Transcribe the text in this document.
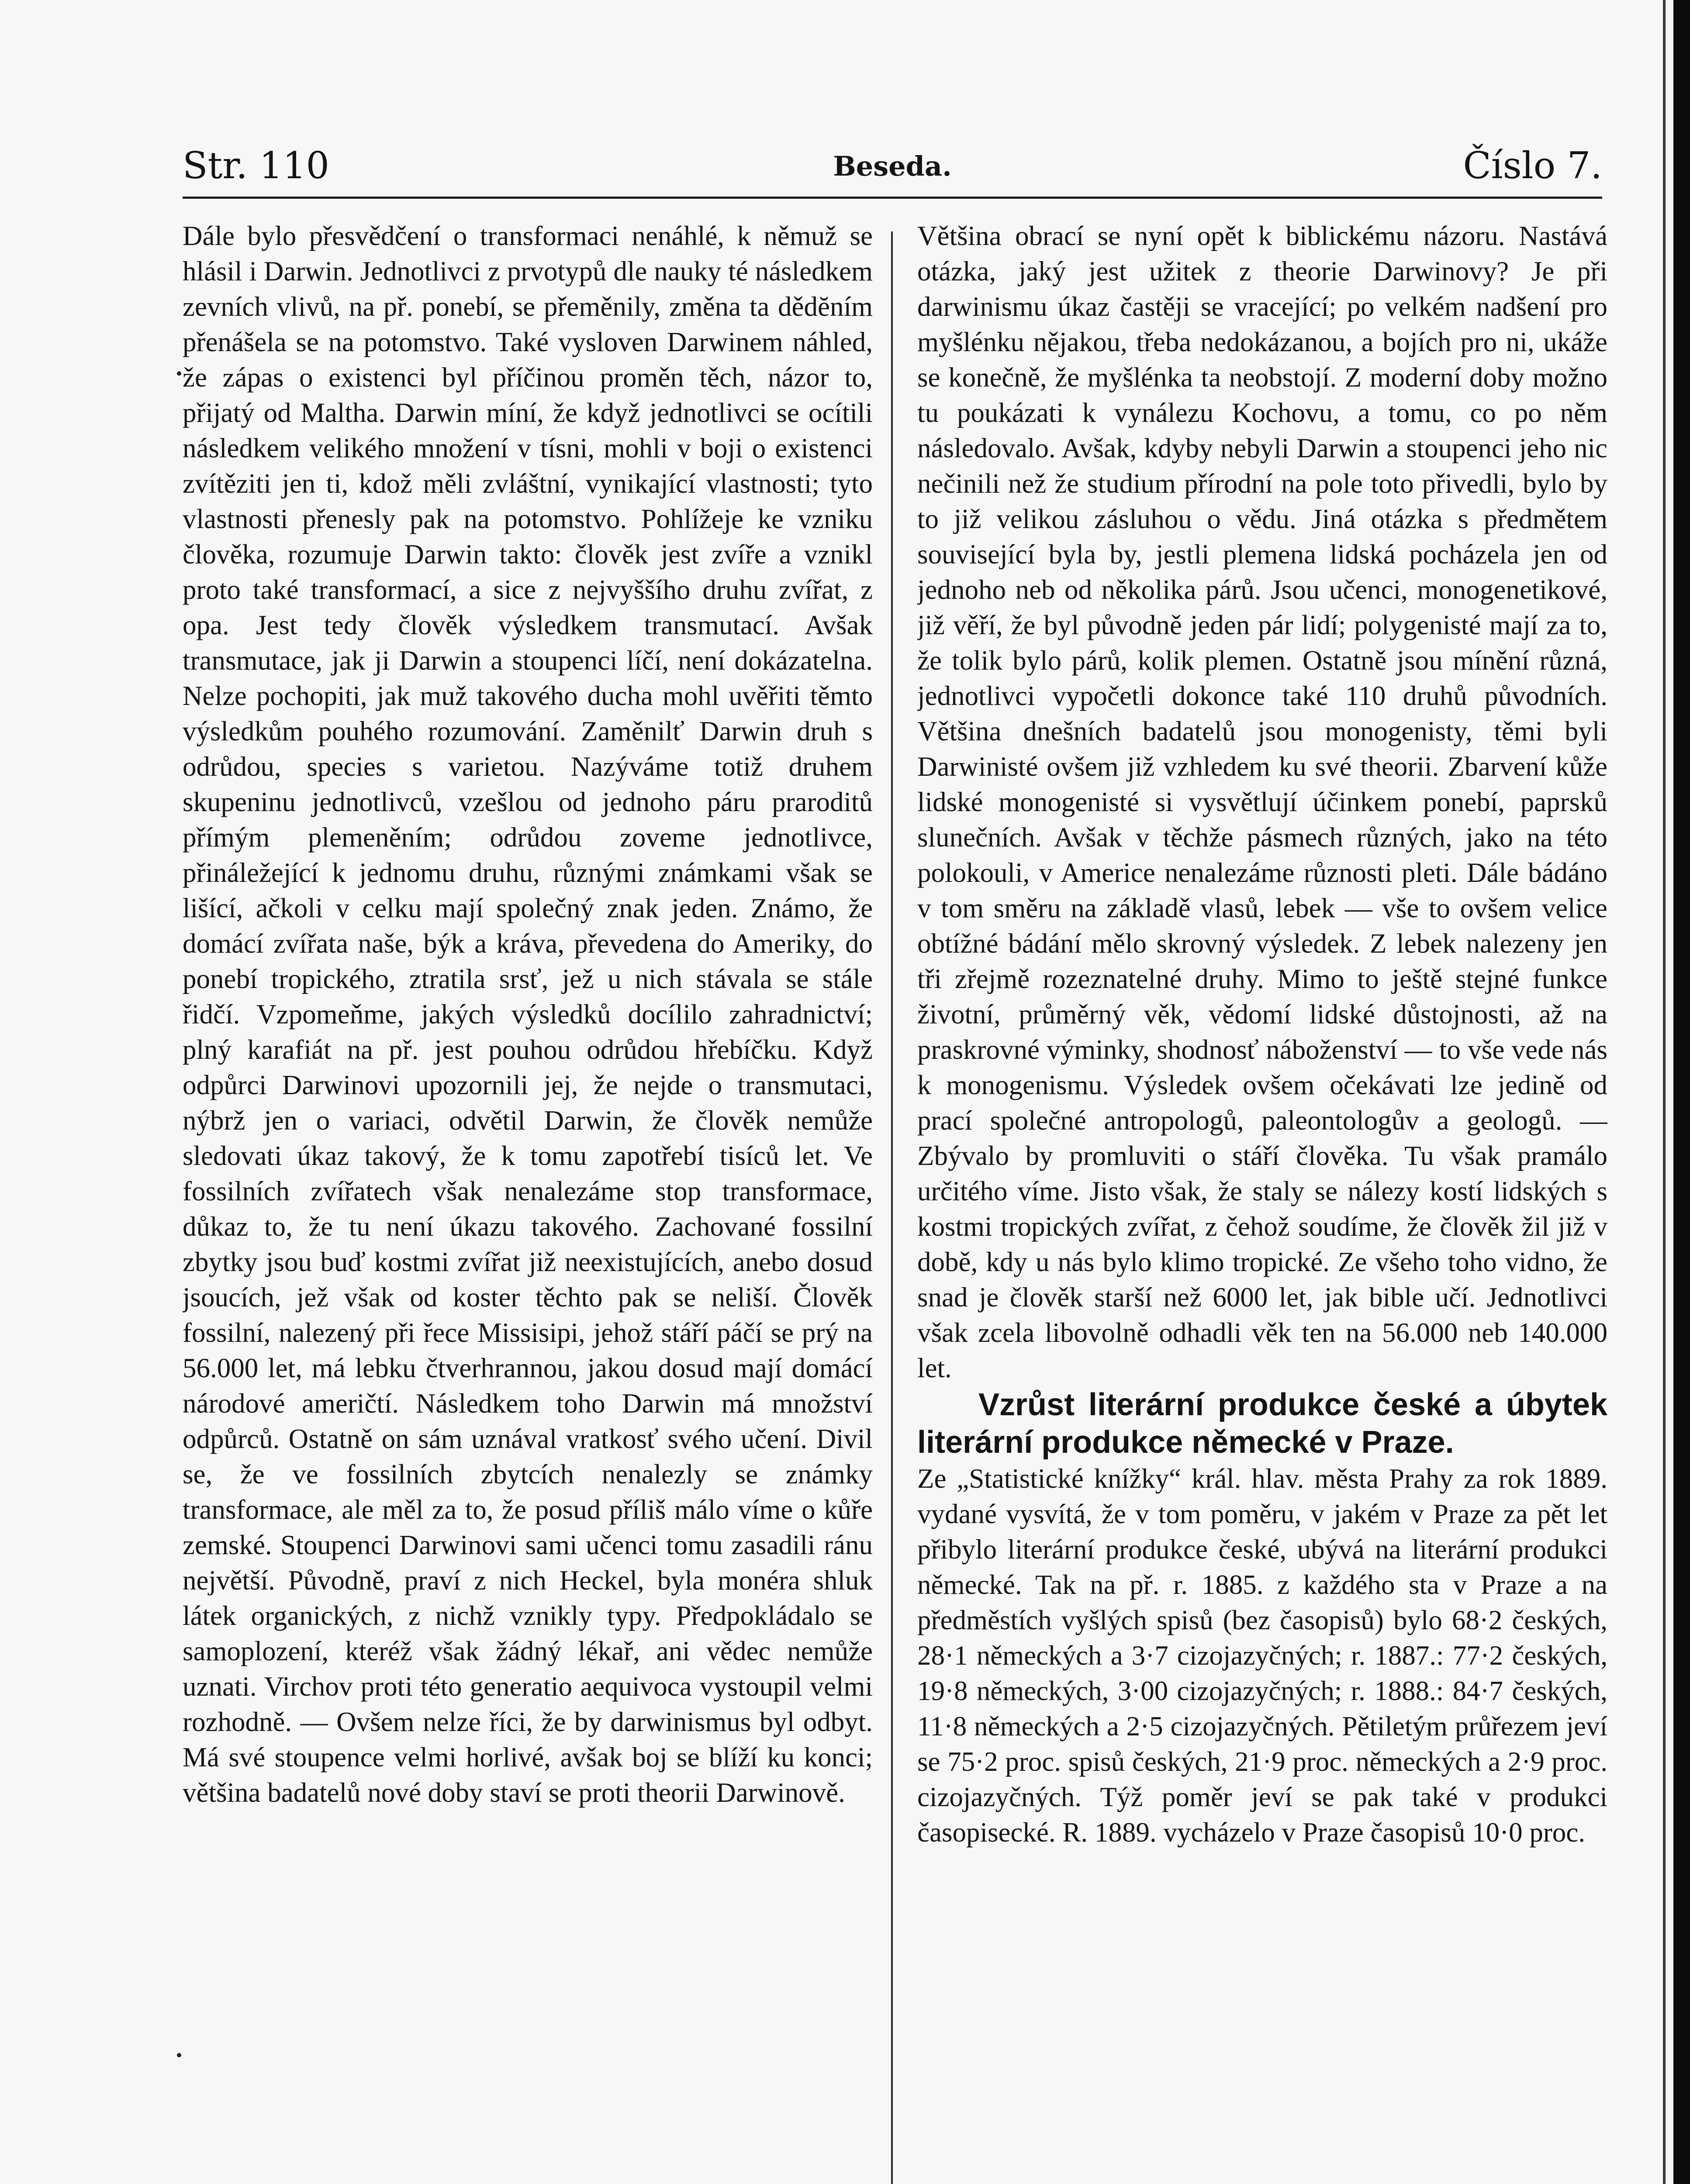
Str. 110	Beseda.	Číslo 7.

Dále bylo přesvědčení o transformaci nenáhlé, k němuž se hlásil i Darwin. Jednotlivci z prvotypů dle nauky té následkem zevních vlivů, na př. ponebí, se přeměnily, změna ta dědĕním přenášela se na potomstvo. Také vysloven Darwinem náhled, že zápas o existenci byl příčinou proměn těch, názor to, přijatý od Maltha. Darwin míní, že když jednotlivci se ocítili následkem velikého množení v tísni, mohli v boji o existenci zvítěziti jen ti, kdož měli zvláštní, vynikající vlastnosti; tyto vlastnosti přenesly pak na potomstvo. Pohlížeje ke vzniku člověka, rozumuje Darwin takto: člověk jest zvíře a vznikl proto také transformací, a sice z nejvyššího druhu zvířat, z opa. Jest tedy člověk výsledkem transmutací. Avšak transmutace, jak ji Darwin a stoupenci líčí, není dokázatelna. Nelze pochopiti, jak muž takového ducha mohl uvěřiti těmto výsledkům pouhého rozumování. Zaměnilť Darwin druh s odrůdou, species s varietou. Nazýváme totiž druhem skupeninu jednotlivců, vzešlou od jednoho páru praroditů přímým plemeněním; odrůdou zoveme jednotlivce, přináležející k jednomu druhu, různými známkami však se lišící, ačkoli v celku mají společný znak jeden. Známo, že domácí zvířata naše, býk a kráva, převedena do Ameriky, do ponebí tropického, ztratila srsť, jež u nich stávala se stále řidčí. Vzpomeňme, jakých výsledků docílilo zahradnictví; plný karafiát na př. jest pouhou odrůdou hřebíčku. Když odpůrci Darwinovi upozornili jej, že nejde o transmutaci, nýbrž jen o variaci, odvětil Darwin, že člověk nemůže sledovati úkaz takový, že k tomu zapotřebí tisíců let. Ve fossilních zvířatech však nenalezáme stop transformace, důkaz to, že tu není úkazu takového. Zachované fossilní zbytky jsou buď kostmi zvířat již neexistujících, anebo dosud jsoucích, jež však od koster těchto pak se neliší. Člověk fossilní, nalezený při řece Missisipi, jehož stáří páčí se prý na 56.000 let, má lebku čtverhrannou, jakou dosud mají domácí národové američtí. Následkem toho Darwin má množství odpůrců. Ostatně on sám uznával vratkosť svého učení. Divil se, že ve fossilních zbytcích nenalezly se známky transformace, ale měl za to, že posud příliš málo víme o kůře zemské. Stoupenci Darwinovi sami učenci tomu zasadili ránu největší. Původně, praví z nich Heckel, byla monéra shluk látek organických, z nichž vznikly typy. Předpokládalo se samoplození, kteréž však žádný lékař, ani vědec nemůže uznati. Virchov proti této generatio aequivoca vystoupil velmi rozhodně. — Ovšem nelze říci, že by darwinismus byl odbyt. Má své stoupence velmi horlivé, avšak boj se blíží ku konci; většina badatelů nové doby staví se proti theorii Darwinově.

Většina obrací se nyní opět k biblickému názoru. Nastává otázka, jaký jest užitek z theorie Darwinovy? Je při darwinismu úkaz častěji se vracející; po velkém nadšení pro myšlénku nějakou, třeba nedokázanou, a bojích pro ni, ukáže se konečně, že myšlénka ta neobstojí. Z moderní doby možno tu poukázati k vynálezu Kochovu, a tomu, co po něm následovalo. Avšak, kdyby nebyli Darwin a stoupenci jeho nic nečinili než že studium přírodní na pole toto přivedli, bylo by to již velikou zásluhou o vědu. Jiná otázka s předmětem související byla by, jestli plemena lidská pocházela jen od jednoho neb od několika párů. Jsou učenci, monogenetikové, již věří, že byl původně jeden pár lidí; polygenisté mají za to, že tolik bylo párů, kolik plemen. Ostatně jsou mínění různá, jednotlivci vypočetli dokonce také 110 druhů původních. Většina dnešních badatelů jsou monogenisty, těmi byli Darwinisté ovšem již vzhledem ku své theorii. Zbarvení kůže lidské monogenisté si vysvětlují účinkem ponebí, paprsků slunečních. Avšak v těchže pásmech různých, jako na této polokouli, v Americe nenalezáme různosti pleti. Dále bádáno v tom směru na základě vlasů, lebek — vše to ovšem velice obtížné bádání mělo skrovný výsledek. Z lebek nalezeny jen tři zřejmě rozeznatelné druhy. Mimo to ještě stejné funkce životní, průměrný věk, vědomí lidské důstojnosti, až na praskrovné výminky, shodnosť náboženství — to vše vede nás k monogenismu. Výsledek ovšem očekávati lze jedině od prací společné antropologů, paleontologův a geologů. — Zbývalo by promluviti o stáří člověka. Tu však pramálo určitého víme. Jisto však, že staly se nálezy kostí lidských s kostmi tropických zvířat, z čehož soudíme, že člověk žil již v době, kdy u nás bylo klimo tropické. Ze všeho toho vidno, že snad je člověk starší než 6000 let, jak bible učí. Jednotlivci však zcela libovolně odhadli věk ten na 56.000 neb 140.000 let.

Vzrůst literární produkce české a úbytek literární produkce německé v Praze.

Ze „Statistické knížky“ král. hlav. města Prahy za rok 1889. vydané vysvítá, že v tom poměru, v jakém v Praze za pět let přibylo literární produkce české, ubývá na literární produkci německé. Tak na př. r. 1885. z každého sta v Praze a na předměstích vyšlých spisů (bez časopisů) bylo 68·2 českých, 28·1 německých a 3·7 cizojazyčných; r. 1887.: 77·2 českých, 19·8 německých, 3·00 cizojazyčných; r. 1888.: 84·7 českých, 11·8 německých a 2·5 cizojazyčných. Pětiletým průřezem jeví se 75·2 proc. spisů českých, 21·9 proc. německých a 2·9 proc. cizojazyčných. Týž poměr jeví se pak také v produkci časopisecké. R. 1889. vycházelo v Praze časopisů 10·0 proc.
